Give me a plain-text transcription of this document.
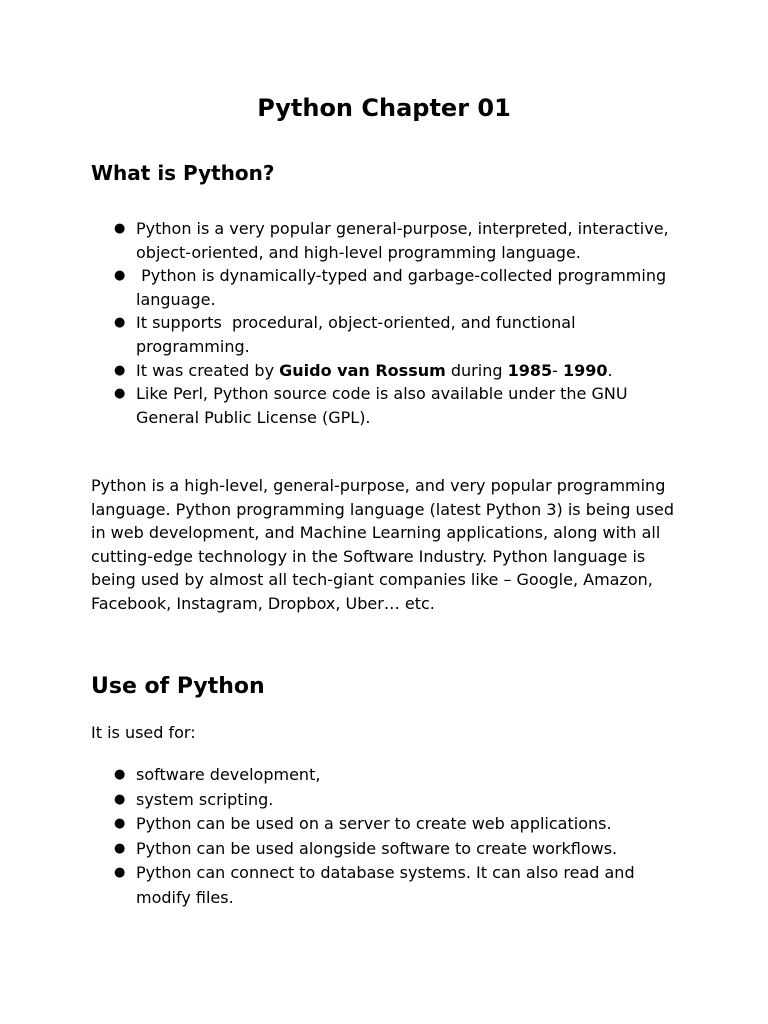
Python Chapter 01
What is Python?
● Python is a very popular general-purpose, interpreted, interactive, object-oriented, and high-level programming language.
● Python is dynamically-typed and garbage-collected programming language.
● It supports  procedural, object-oriented, and functional programming.
● It was created by Guido van Rossum during 1985- 1990.
● Like Perl, Python source code is also available under the GNU General Public License (GPL).

Python is a high-level, general-purpose, and very popular programming language. Python programming language (latest Python 3) is being used in web development, and Machine Learning applications, along with all cutting-edge technology in the Software Industry. Python language is being used by almost all tech-giant companies like – Google, Amazon, Facebook, Instagram, Dropbox, Uber… etc.

Use of Python

It is used for:

● software development,
● system scripting.
● Python can be used on a server to create web applications.
● Python can be used alongside software to create workflows.
● Python can connect to database systems. It can also read and modify files.
